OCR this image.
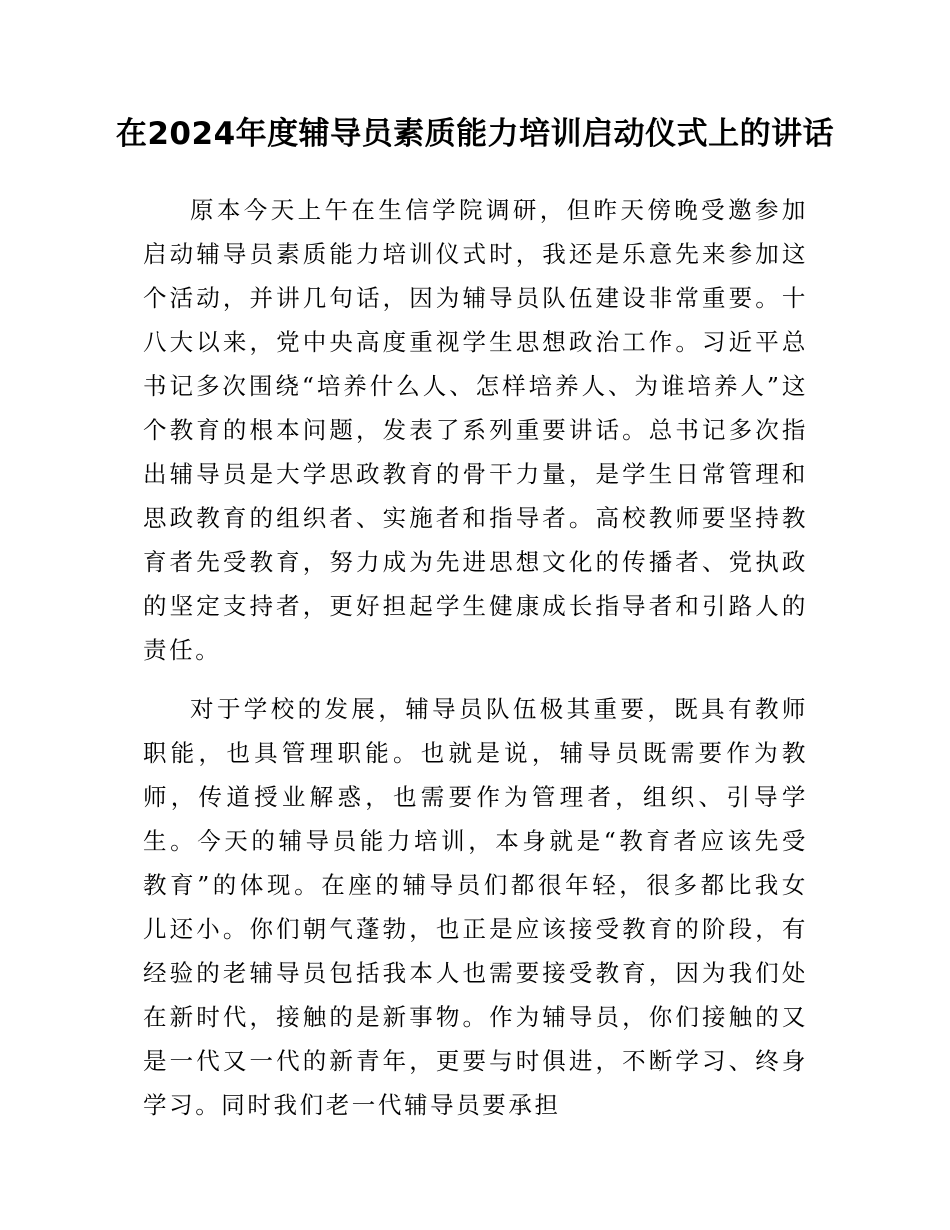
在2024年度辅导员素质能力培训启动仪式上的讲话

原本今天上午在生信学院调研，但昨天傍晚受邀参加启动辅导员素质能力培训仪式时，我还是乐意先来参加这个活动，并讲几句话，因为辅导员队伍建设非常重要。十八大以来，党中央高度重视学生思想政治工作。习近平总书记多次围绕“培养什么人、怎样培养人、为谁培养人”这个教育的根本问题，发表了系列重要讲话。总书记多次指出辅导员是大学思政教育的骨干力量，是学生日常管理和思政教育的组织者、实施者和指导者。高校教师要坚持教育者先受教育，努力成为先进思想文化的传播者、党执政的坚定支持者，更好担起学生健康成长指导者和引路人的责任。

对于学校的发展，辅导员队伍极其重要，既具有教师职能，也具管理职能。也就是说，辅导员既需要作为教师，传道授业解惑，也需要作为管理者，组织、引导学生。今天的辅导员能力培训，本身就是“教育者应该先受教育”的体现。在座的辅导员们都很年轻，很多都比我女儿还小。你们朝气蓬勃，也正是应该接受教育的阶段，有经验的老辅导员包括我本人也需要接受教育，因为我们处在新时代，接触的是新事物。作为辅导员，你们接触的又是一代又一代的新青年，更要与时俱进，不断学习、终身学习。同时我们老一代辅导员要承担
